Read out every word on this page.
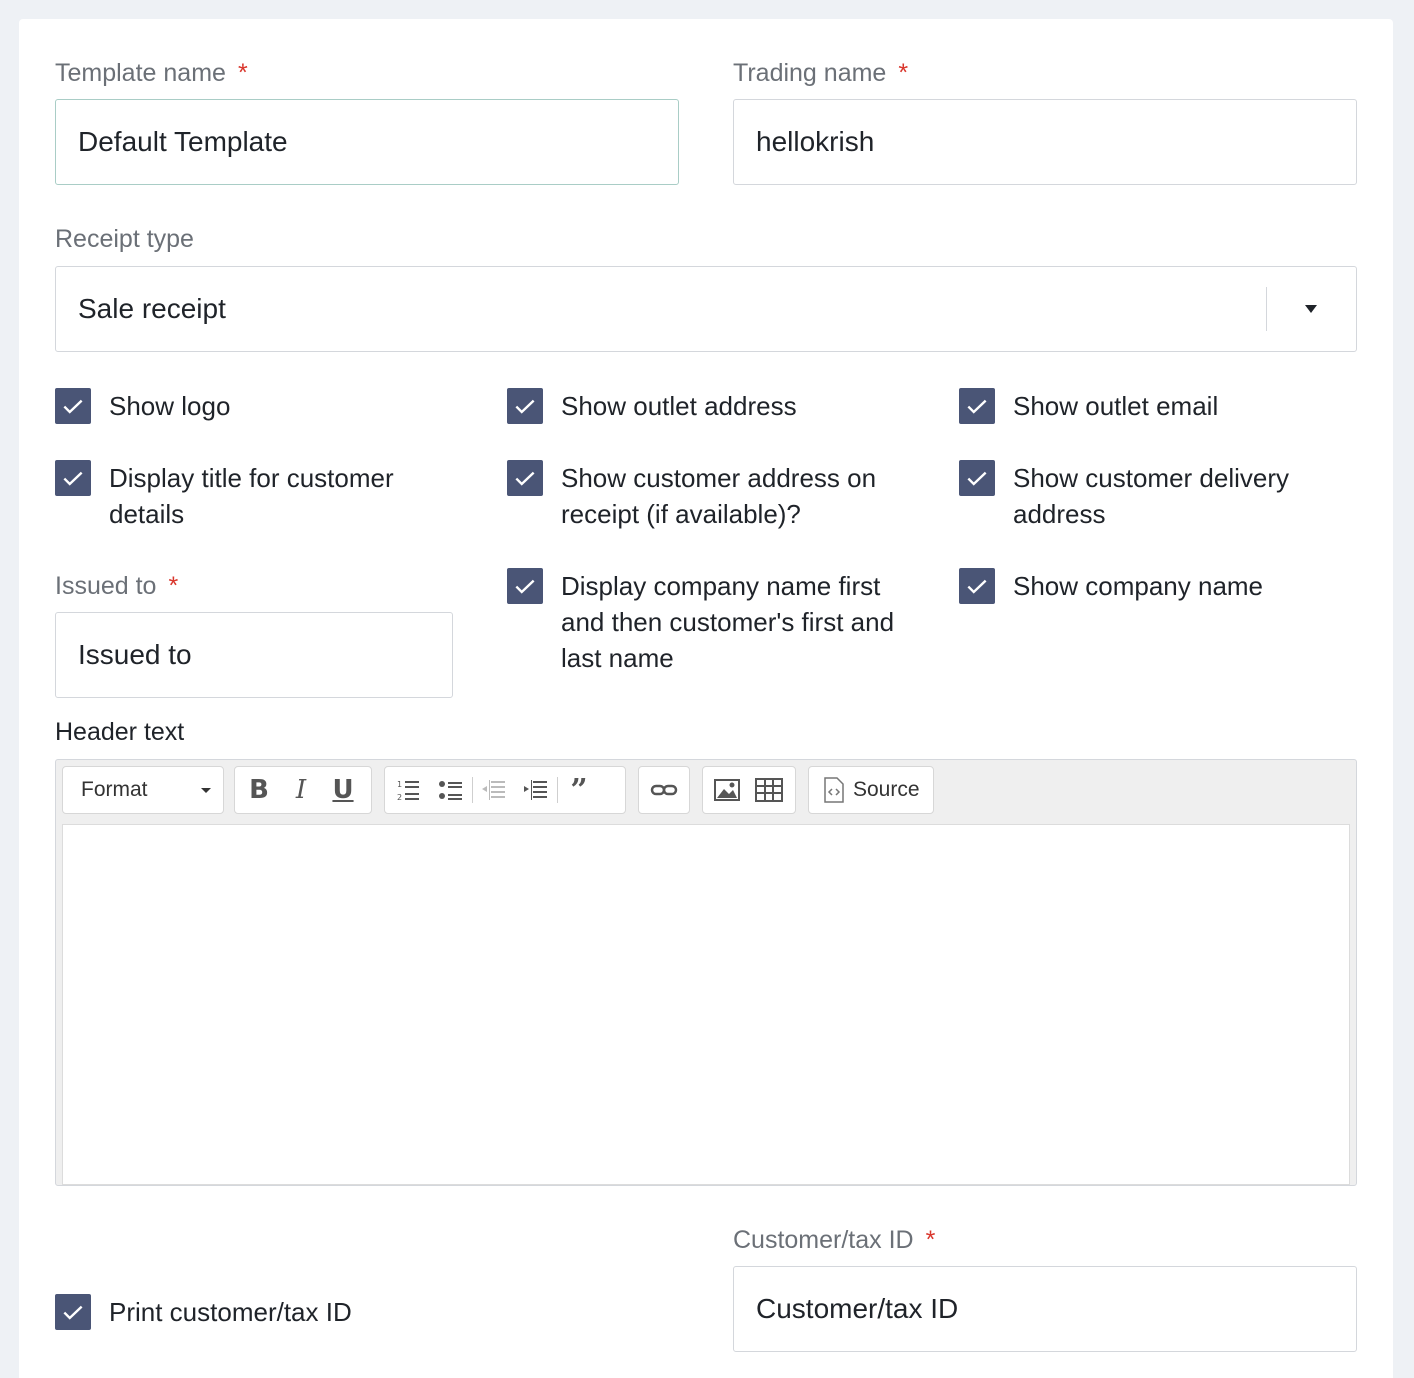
Template name *
Default Template
Trading name *
hellokrish
Receipt type
Sale receipt
Show logo	Show outlet address	Show outlet email
Display title for customer details
Show customer address on receipt (if available)?
Show customer delivery address
Issued to *
Issued to
Display company name first and then customer's first and last name
Show company name
Header text
Format	B	I	U	1
2	”	Source
Print customer/tax ID
Customer/tax ID *
Customer/tax ID
